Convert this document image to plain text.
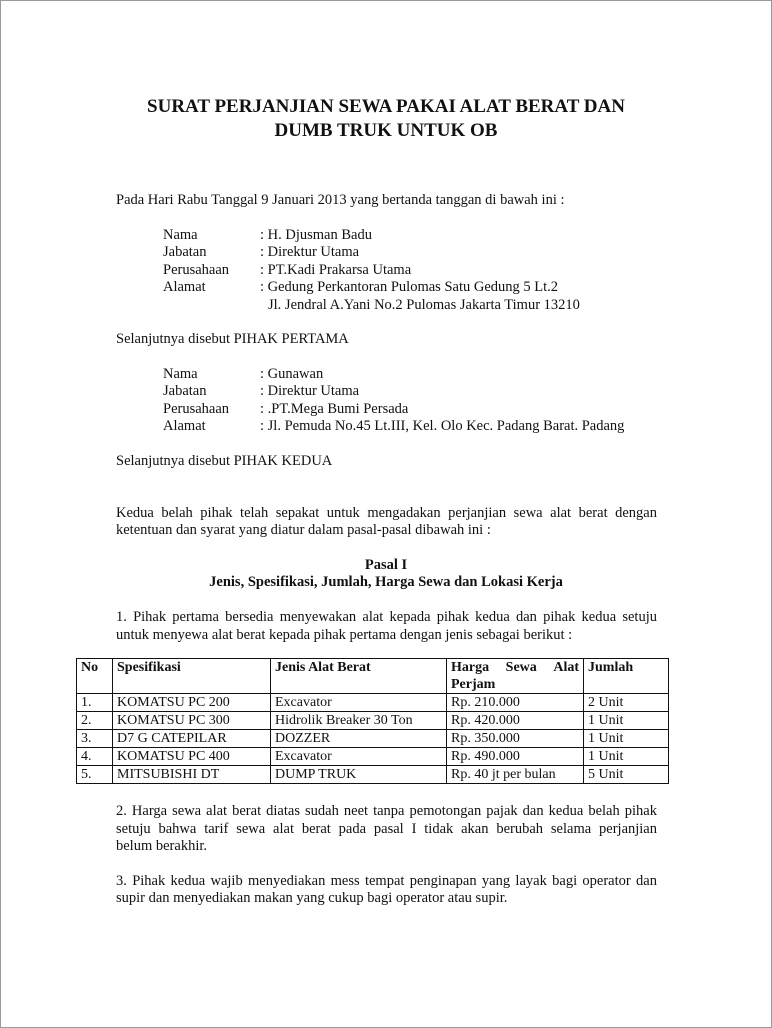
SURAT PERJANJIAN SEWA PAKAI ALAT BERAT DAN
DUMB TRUK UNTUK OB
Pada Hari Rabu Tanggal 9 Januari 2013 yang bertanda tanggan di bawah ini :
Nama	: H. Djusman Badu
Jabatan	: Direktur Utama
Perusahaan : PT.Kadi Prakarsa Utama
Alamat	: Gedung Perkantoran Pulomas Satu Gedung 5 Lt.2
Jl. Jendral A.Yani No.2 Pulomas Jakarta Timur 13210
Selanjutnya disebut PIHAK PERTAMA
Nama	: Gunawan
Jabatan	: Direktur Utama
Perusahaan : .PT.Mega Bumi Persada
Alamat	: Jl. Pemuda No.45 Lt.III, Kel. Olo Kec. Padang Barat. Padang
Selanjutnya disebut PIHAK KEDUA
Kedua belah pihak telah sepakat untuk mengadakan perjanjian sewa alat berat dengan
ketentuan dan syarat yang diatur dalam pasal-pasal dibawah ini :
Pasal I
Jenis, Spesifikasi, Jumlah, Harga Sewa dan Lokasi Kerja
1. Pihak pertama bersedia menyewakan alat kepada pihak kedua dan pihak kedua setuju
untuk menyewa alat berat kepada pihak pertama dengan jenis sebagai berikut :
No	Spesifikasi	Jenis Alat Berat	Harga Sewa Alat
Perjam	Jumlah
1.	KOMATSU PC 200	Excavator	Rp. 210.000	2 Unit
2.	KOMATSU PC 300	Hidrolik Breaker 30 Ton	Rp. 420.000	1 Unit
3.	D7 G CATEPILAR	DOZZER	Rp. 350.000	1 Unit
4.	KOMATSU PC 400	Excavator	Rp. 490.000	1 Unit
5.	MITSUBISHI DT	DUMP TRUK	Rp. 40 jt per bulan	5 Unit
2. Harga sewa alat berat diatas sudah neet tanpa pemotongan pajak dan kedua belah pihak
setuju bahwa tarif sewa alat berat pada pasal I tidak akan berubah selama perjanjian
belum berakhir.
3. Pihak kedua wajib menyediakan mess tempat penginapan yang layak bagi operator dan
supir dan menyediakan makan yang cukup bagi operator atau supir.
